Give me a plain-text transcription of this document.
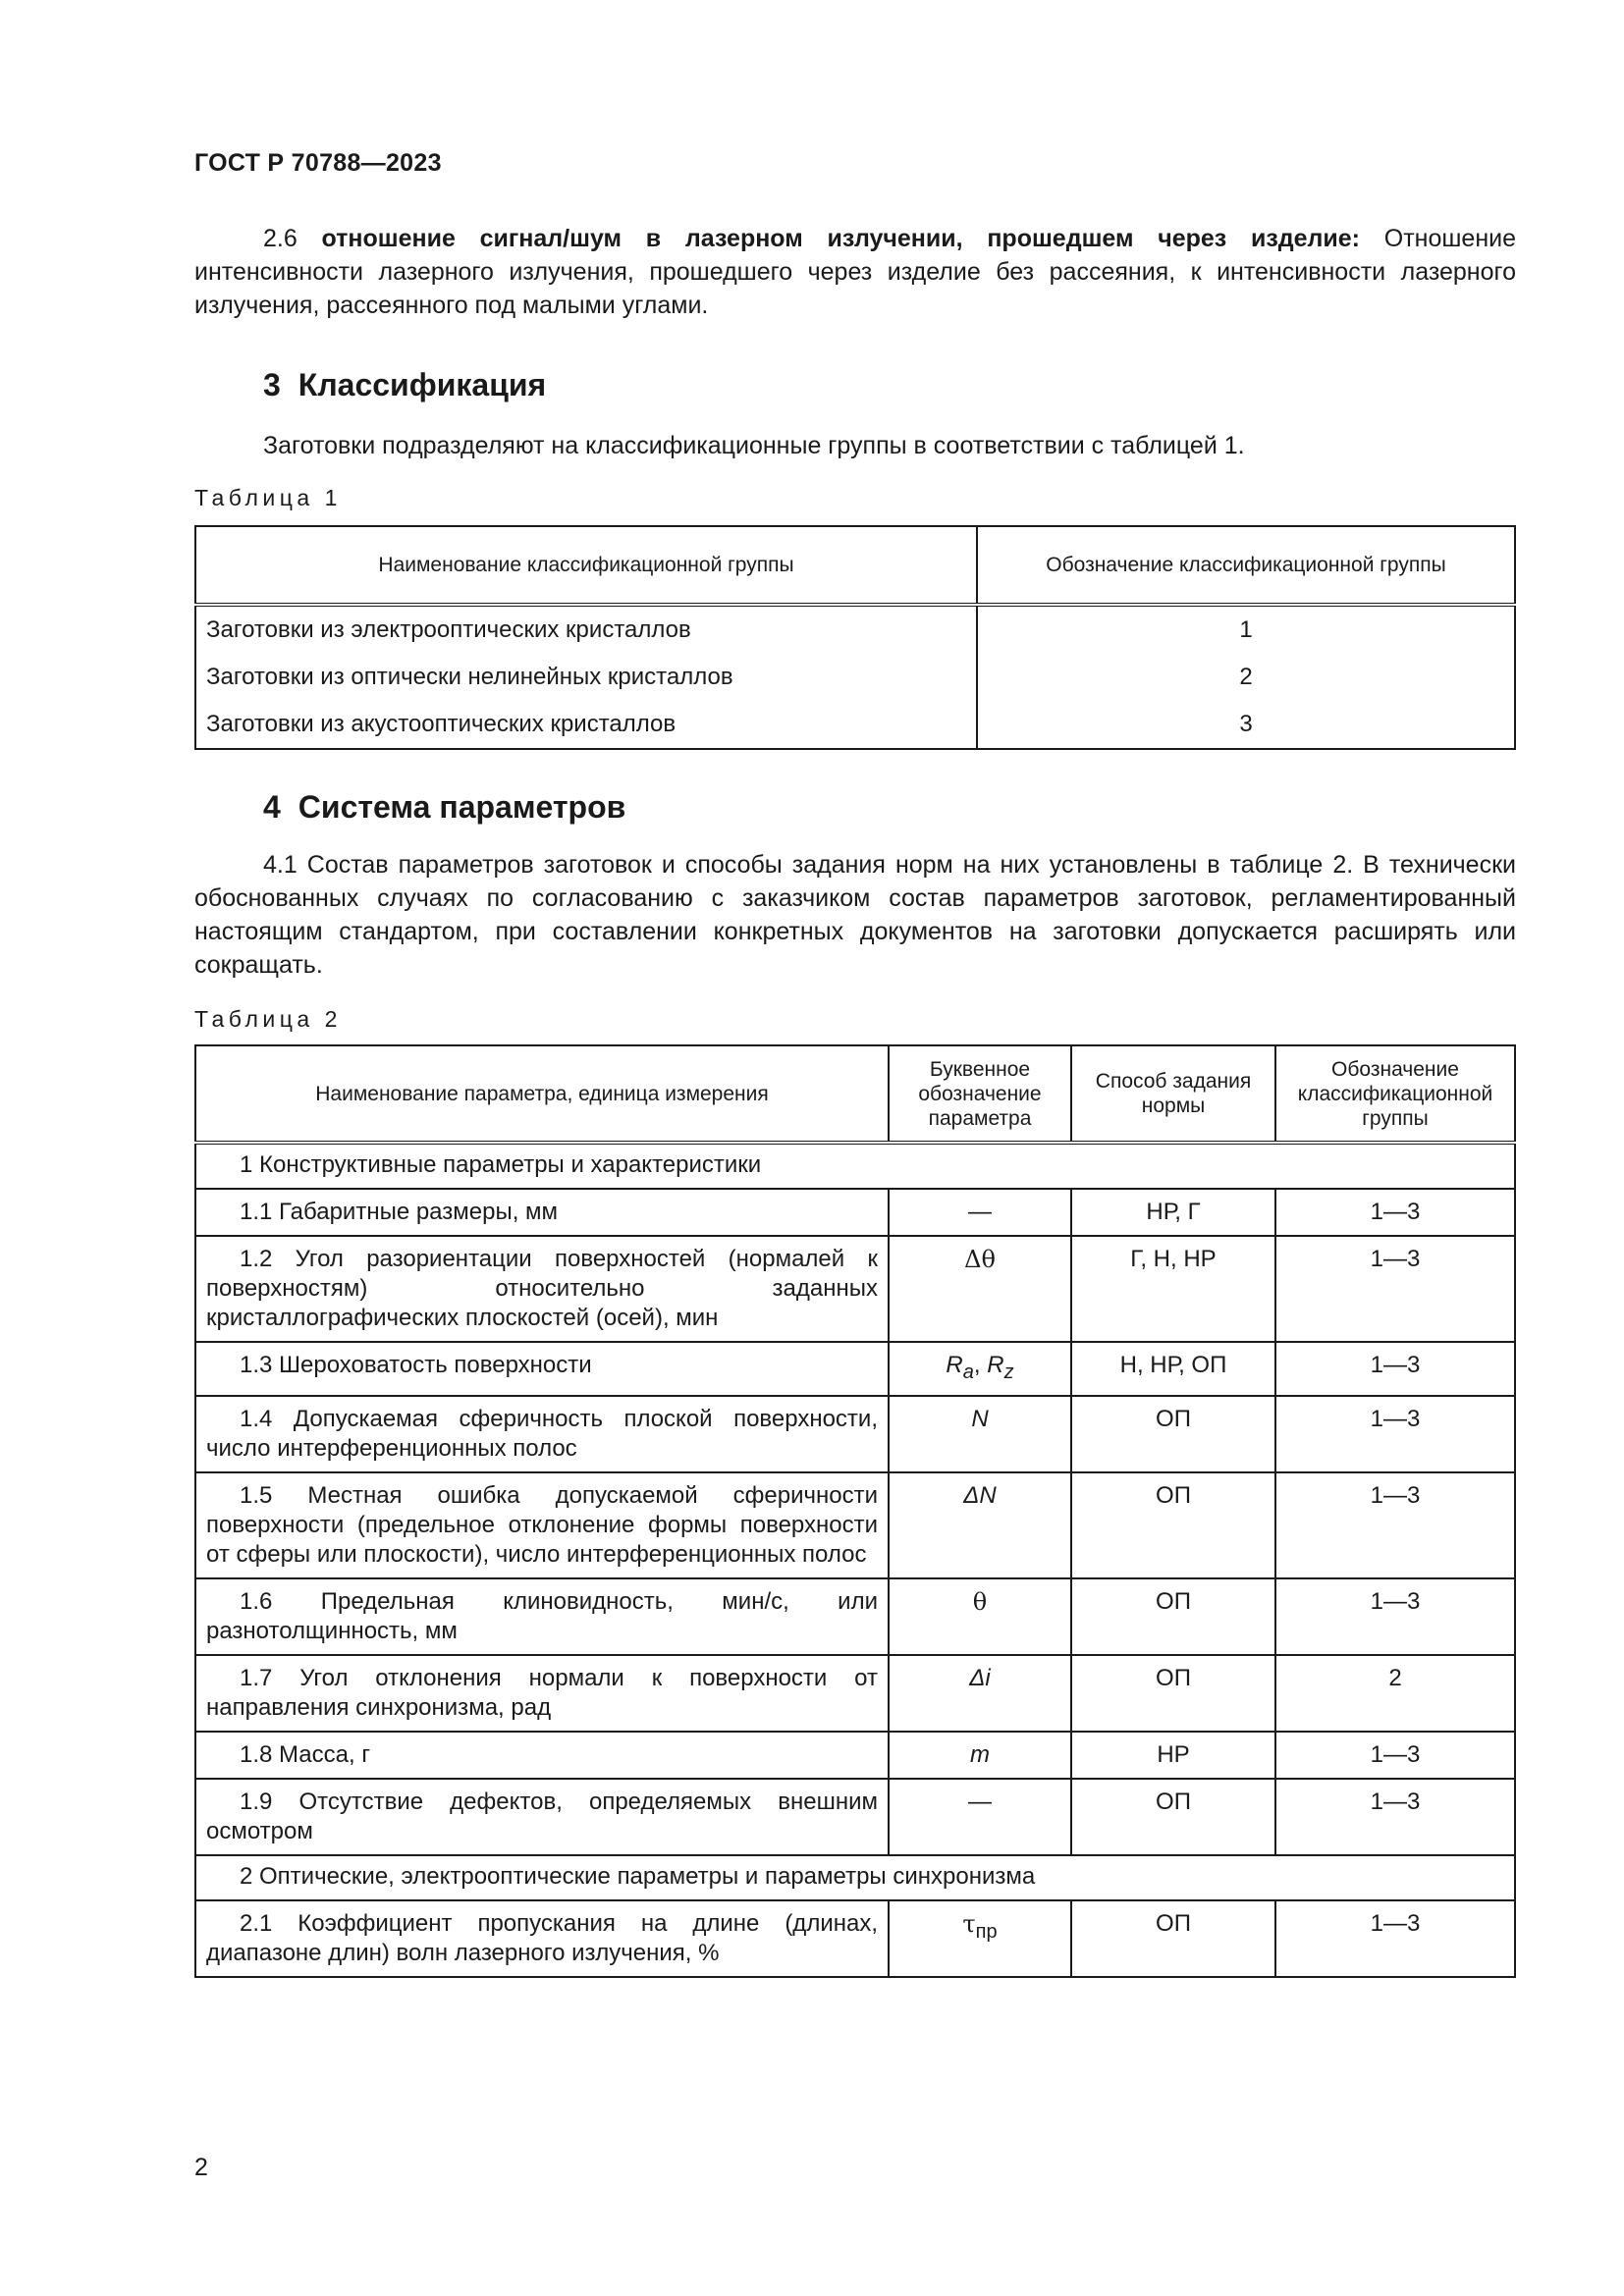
ГОСТ Р 70788—2023
2.6 отношение сигнал/шум в лазерном излучении, прошедшем через изделие: Отношение интенсивности лазерного излучения, прошедшего через изделие без рассеяния, к интенсивности лазерного излучения, рассеянного под малыми углами.
3 Классификация
Заготовки подразделяют на классификационные группы в соответствии с таблицей 1.
Таблица 1
Наименование классификационной группы	Обозначение классификационной группы
Заготовки из электрооптических кристаллов	1
Заготовки из оптически нелинейных кристаллов	2
Заготовки из акустооптических кристаллов	3
4 Система параметров
4.1 Состав параметров заготовок и способы задания норм на них установлены в таблице 2. В технически обоснованных случаях по согласованию с заказчиком состав параметров заготовок, регламентированный настоящим стандартом, при составлении конкретных документов на заготовки допускается расширять или сокращать.
Таблица 2
Наименование параметра, единица измерения	Буквенное обозначение параметра	Способ задания нормы	Обозначение классификационной группы
1 Конструктивные параметры и характеристики			
1.1 Габаритные размеры, мм	—	НР, Г	1—3
1.2 Угол разориентации поверхностей (нормалей к поверхностям) относительно заданных кристаллографических плоскостей (осей), мин	Δθ	Г, Н, НР	1—3
1.3 Шероховатость поверхности	$R_a$, $R_z$	Н, НР, ОП	1—3
1.4 Допускаемая сферичность плоской поверхности, число интерференционных полос	N	ОП	1—3
1.5 Местная ошибка допускаемой сферичности поверхности (предельное отклонение формы поверхности от сферы или плоскости), число интерференционных полос	ΔN	ОП	1—3
1.6 Предельная клиновидность, мин/с, или разнотолщинность, мм	θ	ОП	1—3
1.7 Угол отклонения нормали к поверхности от направления синхронизма, рад	Δi	ОП	2
1.8 Масса, г	m	НР	1—3
1.9 Отсутствие дефектов, определяемых внешним осмотром	—	ОП	1—3
2 Оптические, электрооптические параметры и параметры синхронизма			
2.1 Коэффициент пропускания на длине (длинах, диапазоне длин) волн лазерного излучения, %	$\tau_{пр}$	ОП	1—3
2
